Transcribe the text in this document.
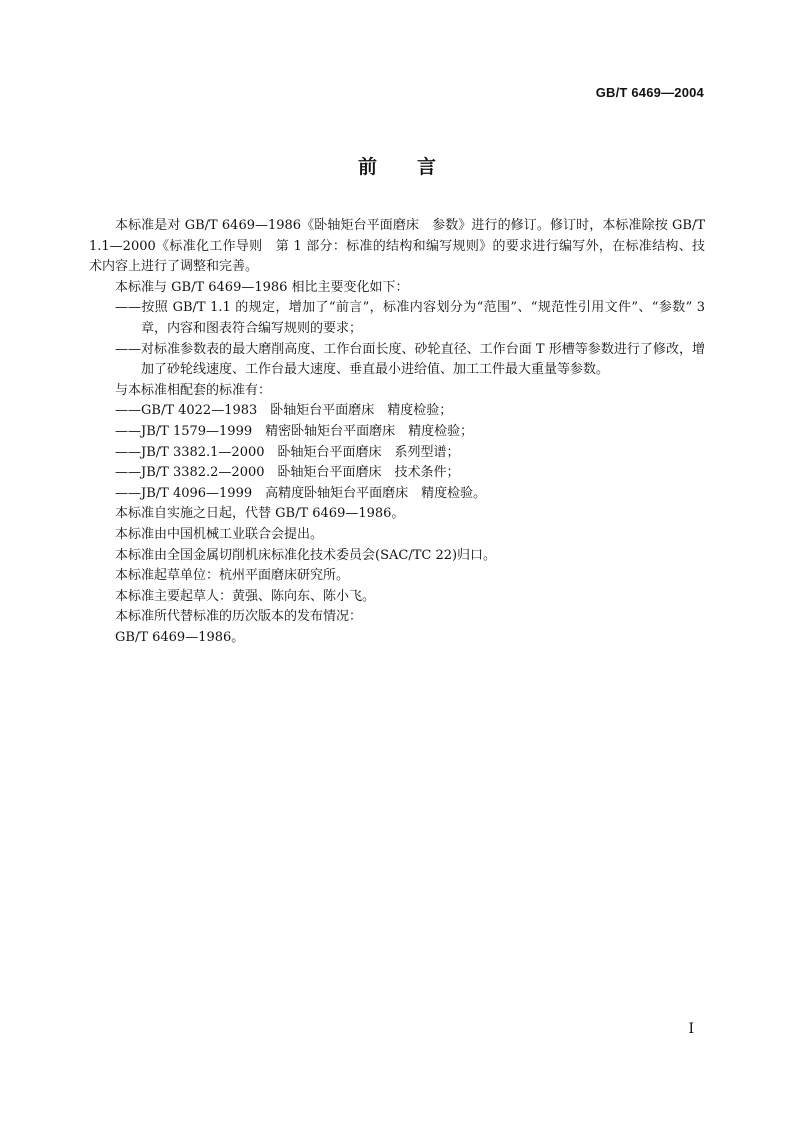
GB/T 6469—2004
前言

本标准是对 GB/T 6469—1986《卧轴矩台平面磨床　参数》进行的修订。修订时，本标准除按 GB/T 1.1—2000《标准化工作导则　第 1 部分：标准的结构和编写规则》的要求进行编写外，在标准结构、技术内容上进行了调整和完善。

本标准与 GB/T 6469—1986 相比主要变化如下：

——按照 GB/T 1.1 的规定，增加了“前言”，标准内容划分为“范围”、“规范性引用文件”、“参数” 3 章，内容和图表符合编写规则的要求；

——对标准参数表的最大磨削高度、工作台面长度、砂轮直径、工作台面 T 形槽等参数进行了修改，增加了砂轮线速度、工作台最大速度、垂直最小进给值、加工工件最大重量等参数。

与本标准相配套的标准有：

——GB/T 4022—1983　卧轴矩台平面磨床　精度检验；

——JB/T 1579—1999　精密卧轴矩台平面磨床　精度检验；

——JB/T 3382.1—2000　卧轴矩台平面磨床　系列型谱；

——JB/T 3382.2—2000　卧轴矩台平面磨床　技术条件；

——JB/T 4096—1999　高精度卧轴矩台平面磨床　精度检验。

本标准自实施之日起，代替 GB/T 6469—1986。

本标准由中国机械工业联合会提出。

本标准由全国金属切削机床标准化技术委员会(SAC/TC 22)归口。

本标准起草单位：杭州平面磨床研究所。

本标准主要起草人：黄强、陈向东、陈小飞。

本标准所代替标准的历次版本的发布情况：

GB/T 6469—1986。

I
